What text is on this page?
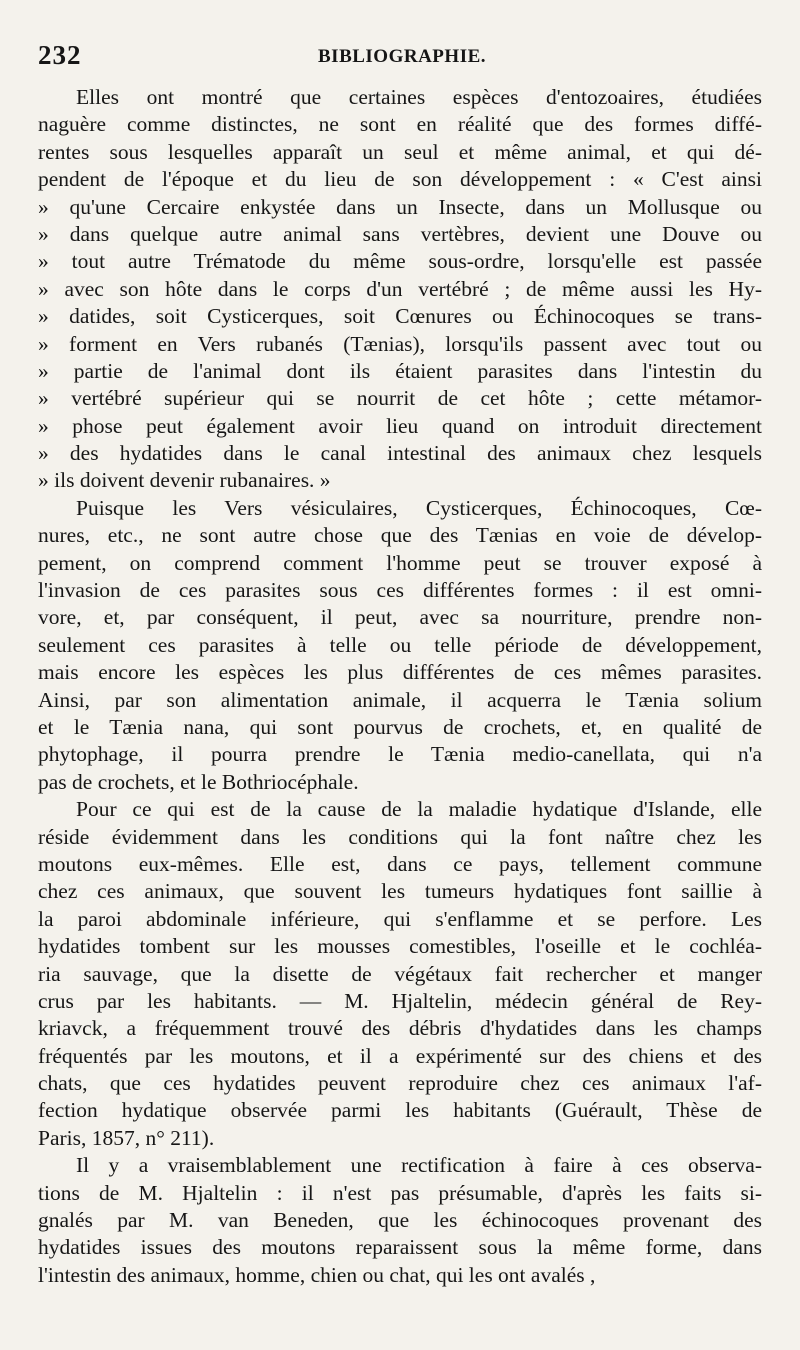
232	BIBLIOGRAPHIE.
Elles ont montré que certaines espèces d'entozoaires, étudiées
naguère comme distinctes, ne sont en réalité que des formes diffé-
rentes sous lesquelles apparaît un seul et même animal, et qui dé-
pendent de l'époque et du lieu de son développement : « C'est ainsi
» qu'une Cercaire enkystée dans un Insecte, dans un Mollusque ou
» dans quelque autre animal sans vertèbres, devient une Douve ou
» tout autre Trématode du même sous-ordre, lorsqu'elle est passée
» avec son hôte dans le corps d'un vertébré ; de même aussi les Hy-
» datides, soit Cysticerques, soit Cœnures ou Échinocoques se trans-
» forment en Vers rubanés (Tænias), lorsqu'ils passent avec tout ou
» partie de l'animal dont ils étaient parasites dans l'intestin du
» vertébré supérieur qui se nourrit de cet hôte ; cette métamor-
» phose peut également avoir lieu quand on introduit directement
» des hydatides dans le canal intestinal des animaux chez lesquels
» ils doivent devenir rubanaires. »
Puisque les Vers vésiculaires, Cysticerques, Échinocoques, Cœ-
nures, etc., ne sont autre chose que des Tænias en voie de dévelop-
pement, on comprend comment l'homme peut se trouver exposé à
l'invasion de ces parasites sous ces différentes formes : il est omni-
vore, et, par conséquent, il peut, avec sa nourriture, prendre non-
seulement ces parasites à telle ou telle période de développement,
mais encore les espèces les plus différentes de ces mêmes parasites.
Ainsi, par son alimentation animale, il acquerra le Tænia solium
et le Tænia nana, qui sont pourvus de crochets, et, en qualité de
phytophage, il pourra prendre le Tænia medio-canellata, qui n'a
pas de crochets, et le Bothriocéphale.
Pour ce qui est de la cause de la maladie hydatique d'Islande, elle
réside évidemment dans les conditions qui la font naître chez les
moutons eux-mêmes. Elle est, dans ce pays, tellement commune
chez ces animaux, que souvent les tumeurs hydatiques font saillie à
la paroi abdominale inférieure, qui s'enflamme et se perfore. Les
hydatides tombent sur les mousses comestibles, l'oseille et le cochléa-
ria sauvage, que la disette de végétaux fait rechercher et manger
crus par les habitants. — M. Hjaltelin, médecin général de Rey-
kriavck, a fréquemment trouvé des débris d'hydatides dans les champs
fréquentés par les moutons, et il a expérimenté sur des chiens et des
chats, que ces hydatides peuvent reproduire chez ces animaux l'af-
fection hydatique observée parmi les habitants (Guérault, Thèse de
Paris, 1857, n° 211).
Il y a vraisemblablement une rectification à faire à ces observa-
tions de M. Hjaltelin : il n'est pas présumable, d'après les faits si-
gnalés par M. van Beneden, que les échinocoques provenant des
hydatides issues des moutons reparaissent sous la même forme, dans
l'intestin des animaux, homme, chien ou chat, qui les ont avalés ,
